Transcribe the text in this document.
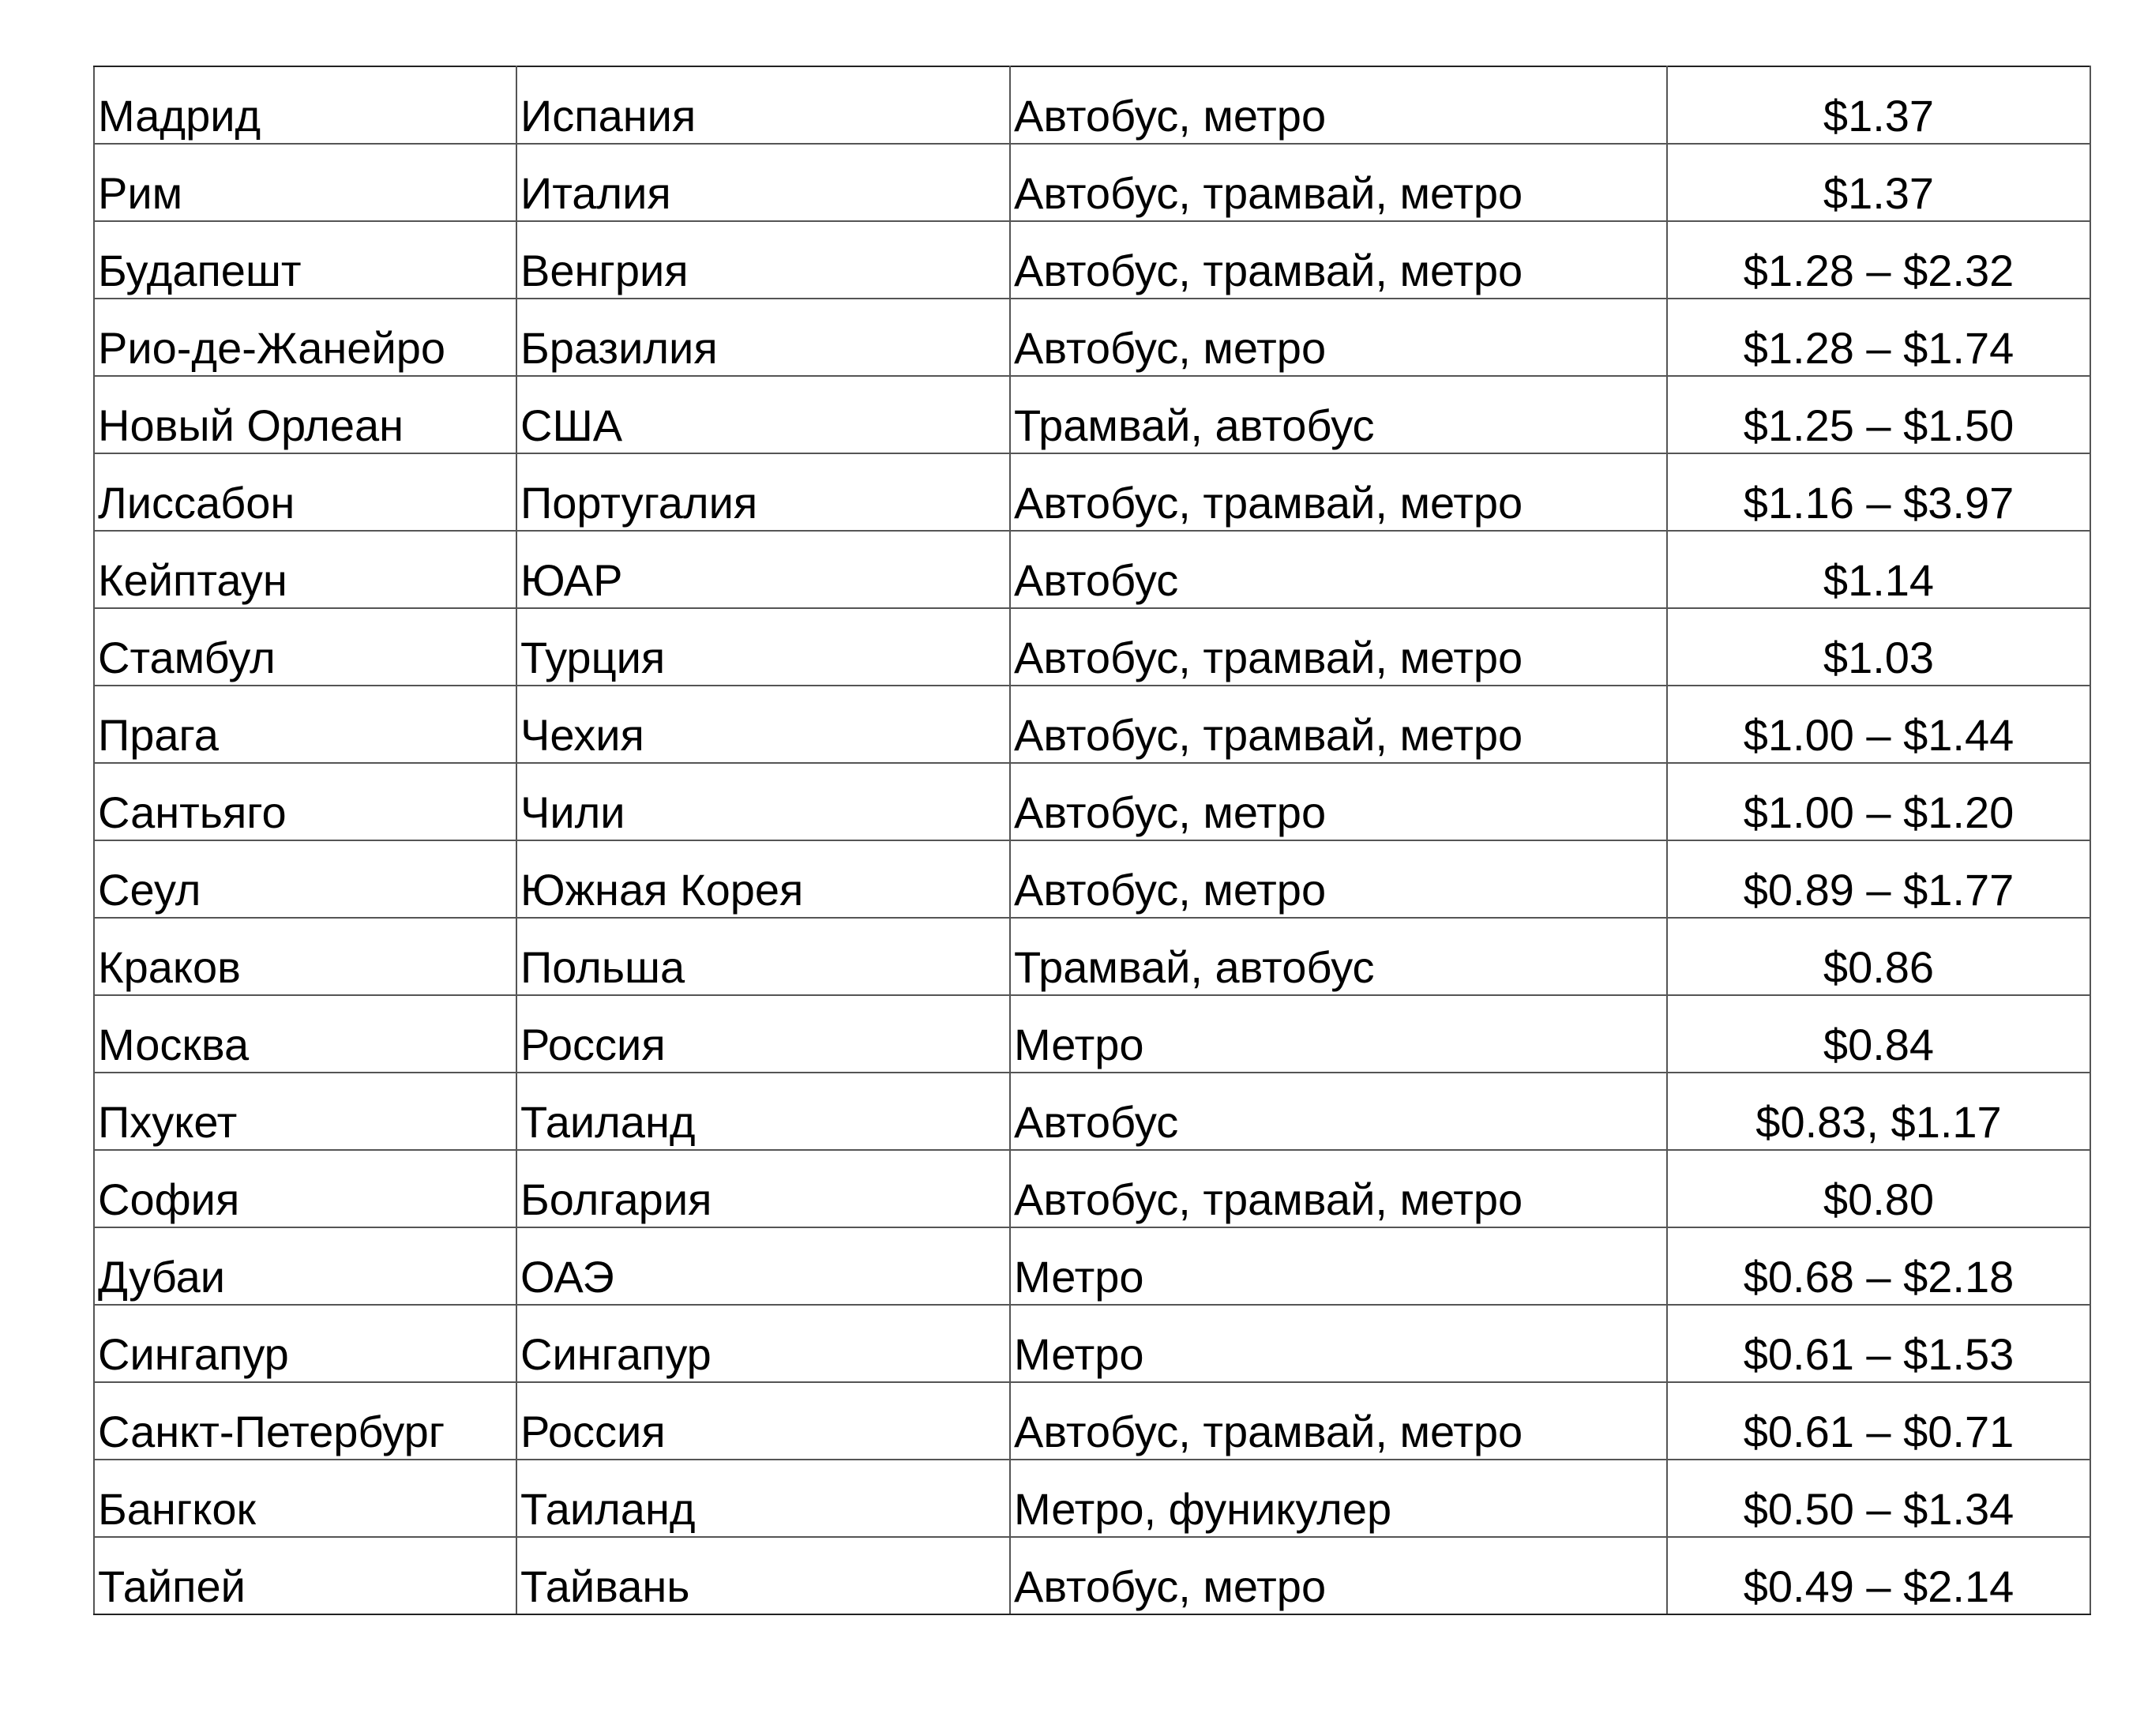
Мадрид	Испания	Автобус, метро	$1.37
Рим	Италия	Автобус, трамвай, метро	$1.37
Будапешт	Венгрия	Автобус, трамвай, метро	$1.28 – $2.32
Рио-де-Жанейро	Бразилия	Автобус, метро	$1.28 – $1.74
Новый Орлеан	США	Трамвай, автобус	$1.25 – $1.50
Лиссабон	Португалия	Автобус, трамвай, метро	$1.16 – $3.97
Кейптаун	ЮАР	Автобус	$1.14
Стамбул	Турция	Автобус, трамвай, метро	$1.03
Прага	Чехия	Автобус, трамвай, метро	$1.00 – $1.44
Сантьяго	Чили	Автобус, метро	$1.00 – $1.20
Сеул	Южная Корея	Автобус, метро	$0.89 – $1.77
Краков	Польша	Трамвай, автобус	$0.86
Москва	Россия	Метро	$0.84
Пхукет	Таиланд	Автобус	$0.83, $1.17
София	Болгария	Автобус, трамвай, метро	$0.80
Дубаи	ОАЭ	Метро	$0.68 – $2.18
Сингапур	Сингапур	Метро	$0.61 – $1.53
Санкт-Петербург	Россия	Автобус, трамвай, метро	$0.61 – $0.71
Бангкок	Таиланд	Метро, фуникулер	$0.50 – $1.34
Тайпей	Тайвань	Автобус, метро	$0.49 – $2.14
